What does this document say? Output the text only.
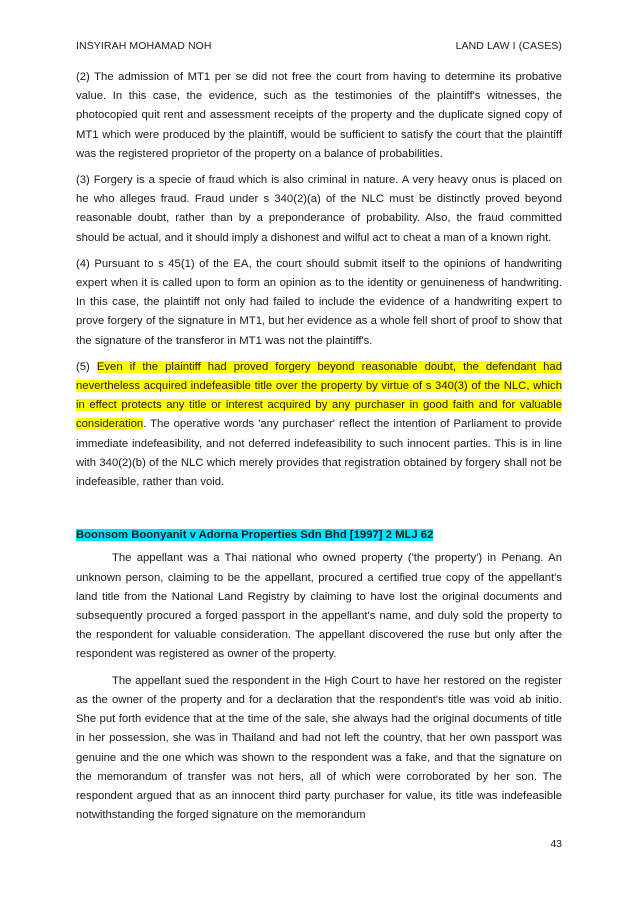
INSYIRAH MOHAMAD NOH	LAND LAW I (CASES)

(2) The admission of MT1 per se did not free the court from having to determine its probative value. In this case, the evidence, such as the testimonies of the plaintiff's witnesses, the photocopied quit rent and assessment receipts of the property and the duplicate signed copy of MT1 which were produced by the plaintiff, would be sufficient to satisfy the court that the plaintiff was the registered proprietor of the property on a balance of probabilities.

(3) Forgery is a specie of fraud which is also criminal in nature. A very heavy onus is placed on he who alleges fraud. Fraud under s 340(2)(a) of the NLC must be distinctly proved beyond reasonable doubt, rather than by a preponderance of probability. Also, the fraud committed should be actual, and it should imply a dishonest and wilful act to cheat a man of a known right.

(4) Pursuant to s 45(1) of the EA, the court should submit itself to the opinions of handwriting expert when it is called upon to form an opinion as to the identity or genuineness of handwriting. In this case, the plaintiff not only had failed to include the evidence of a handwriting expert to prove forgery of the signature in MT1, but her evidence as a whole fell short of proof to show that the signature of the transferor in MT1 was not the plaintiff's.

(5) Even if the plaintiff had proved forgery beyond reasonable doubt, the defendant had nevertheless acquired indefeasible title over the property by virtue of s 340(3) of the NLC, which in effect protects any title or interest acquired by any purchaser in good faith and for valuable consideration. The operative words 'any purchaser' reflect the intention of Parliament to provide immediate indefeasibility, and not deferred indefeasibility to such innocent parties. This is in line with 340(2)(b) of the NLC which merely provides that registration obtained by forgery shall not be indefeasible, rather than void.

Boonsom Boonyanit v Adorna Properties Sdn Bhd [1997] 2 MLJ 62

The appellant was a Thai national who owned property ('the property') in Penang. An unknown person, claiming to be the appellant, procured a certified true copy of the appellant's land title from the National Land Registry by claiming to have lost the original documents and subsequently procured a forged passport in the appellant's name, and duly sold the property to the respondent for valuable consideration. The appellant discovered the ruse but only after the respondent was registered as owner of the property.

The appellant sued the respondent in the High Court to have her restored on the register as the owner of the property and for a declaration that the respondent's title was void ab initio. She put forth evidence that at the time of the sale, she always had the original documents of title in her possession, she was in Thailand and had not left the country, that her own passport was genuine and the one which was shown to the respondent was a fake, and that the signature on the memorandum of transfer was not hers, all of which were corroborated by her son. The respondent argued that as an innocent third party purchaser for value, its title was indefeasible notwithstanding the forged signature on the memorandum

43
